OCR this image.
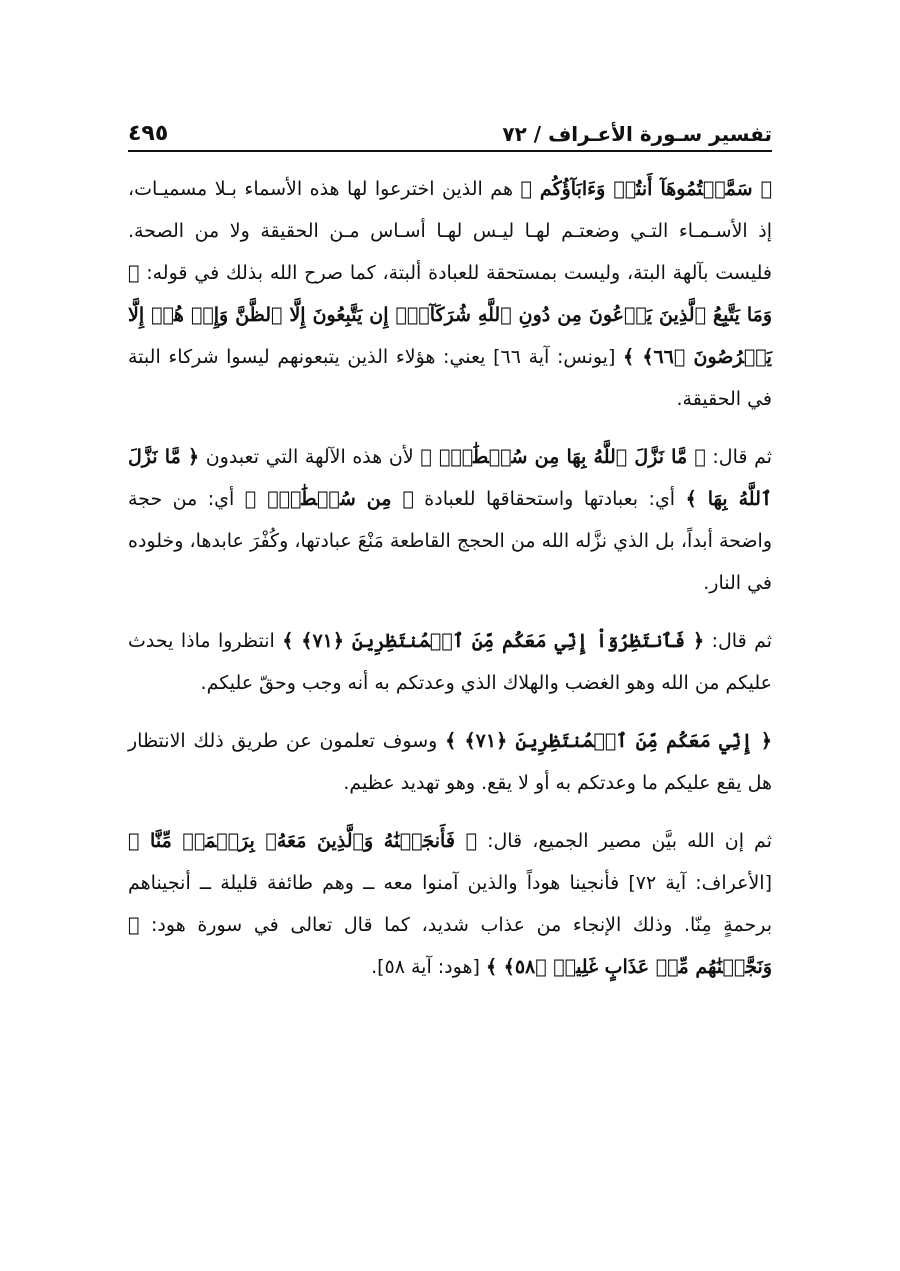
تفسير سـورة الأعـراف / ٧٢
٤٩٥

﴿ سَمَّيۡتُمُوهَآ أَنتُمۡ وَءَابَآؤُكُم ﴾ هم الذين اخترعوا لها هذه الأسماء بـلا مسميـات، إذ الأسـمـاء التـي وضعتـم لهـا ليـس لهـا أسـاس مـن الحقيقة ولا من الصحة. فليست بآلهة البتة، وليست بمستحقة للعبادة ألبتة، كما صرح الله بذلك في قوله: ﴿ وَمَا يَتَّبِعُ ٱلَّذِينَ يَدۡعُونَ مِن دُونِ ٱللَّهِ شُرَكَآءَۚ إِن يَتَّبِعُونَ إِلَّا ٱلظَّنَّ وَإِنۡ هُمۡ إِلَّا يَخۡرُصُونَ ﴿٦٦﴾ ﴾ [يونس: آية ٦٦] يعني: هؤلاء الذين يتبعونهم ليسوا شركاء البتة في الحقيقة.

ثم قال: ﴿ مَّا نَزَّلَ ٱللَّهُ بِهَا مِن سُلۡطَٰنٍۚ ﴾ لأن هذه الآلهة التي تعبدون ﴿ مَّا نَزَّلَ ٱللَّهُ بِهَا ﴾ أي: بعبادتها واستحقاقها للعبادة ﴿ مِن سُلۡطَٰنٍۚ ﴾ أي: من حجة واضحة أبداً، بل الذي نزَّله الله من الحجج القاطعة مَنْعَ عبادتها، وكُفْرَ عابدها، وخلوده في النار.

ثم قال: ﴿ فَٱنتَظِرُوٓاْ إِنِّي مَعَكُم مِّنَ ٱلۡمُنتَظِرِينَ ﴿٧١﴾ ﴾ انتظروا ماذا يحدث عليكم من الله وهو الغضب والهلاك الذي وعدتكم به أنه وجب وحقّ عليكم.

﴿ إِنِّي مَعَكُم مِّنَ ٱلۡمُنتَظِرِينَ ﴿٧١﴾ ﴾ وسوف تعلمون عن طريق ذلك الانتظار هل يقع عليكم ما وعدتكم به أو لا يقع. وهو تهديد عظيم.

ثم إن الله بيَّن مصير الجميع، قال: ﴿ فَأَنجَيۡنَٰهُ وَٱلَّذِينَ مَعَهُۥ بِرَحۡمَةٖ مِّنَّا ﴾ [الأعراف: آية ٧٢] فأنجينا هوداً والذين آمنوا معه ــ وهم طائفة قليلة ــ أنجيناهم برحمةٍ مِنّا. وذلك الإنجاء من عذاب شديد، كما قال تعالى في سورة هود: ﴿ وَنَجَّيۡنَٰهُم مِّنۡ عَذَابٍ غَلِيظٖ ﴿٥٨﴾ ﴾ [هود: آية ٥٨].
